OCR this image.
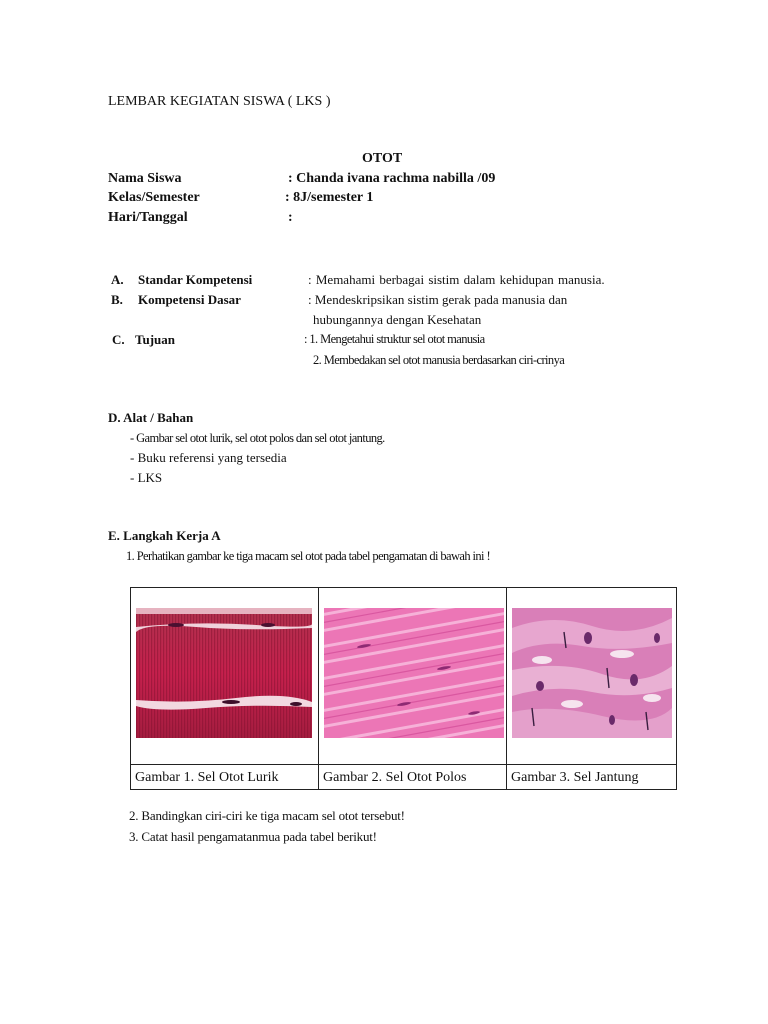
LEMBAR KEGIATAN SISWA ( LKS )
OTOT
Nama Siswa	: Chanda ivana rachma nabilla /09
Kelas/Semester	: 8J/semester 1
Hari/Tanggal	:
A. Standar Kompetensi	: Memahami berbagai sistim dalam kehidupan manusia.
B. Kompetensi Dasar	: Mendeskripsikan sistim gerak pada manusia dan
hubungannya dengan Kesehatan
C. Tujuan	: 1. Mengetahui struktur sel otot manusia
2. Membedakan sel otot manusia berdasarkan ciri-crinya
D. Alat / Bahan
- Gambar sel otot lurik, sel otot polos dan sel otot jantung.
- Buku referensi yang tersedia
- LKS
E. Langkah Kerja A
1. Perhatikan gambar ke tiga macam sel otot pada tabel pengamatan di bawah ini !

Gambar 1. Sel Otot Lurik	Gambar 2. Sel Otot Polos	Gambar 3. Sel Jantung
2. Bandingkan ciri-ciri ke tiga macam sel otot tersebut!
3. Catat hasil pengamatanmua pada tabel berikut!
